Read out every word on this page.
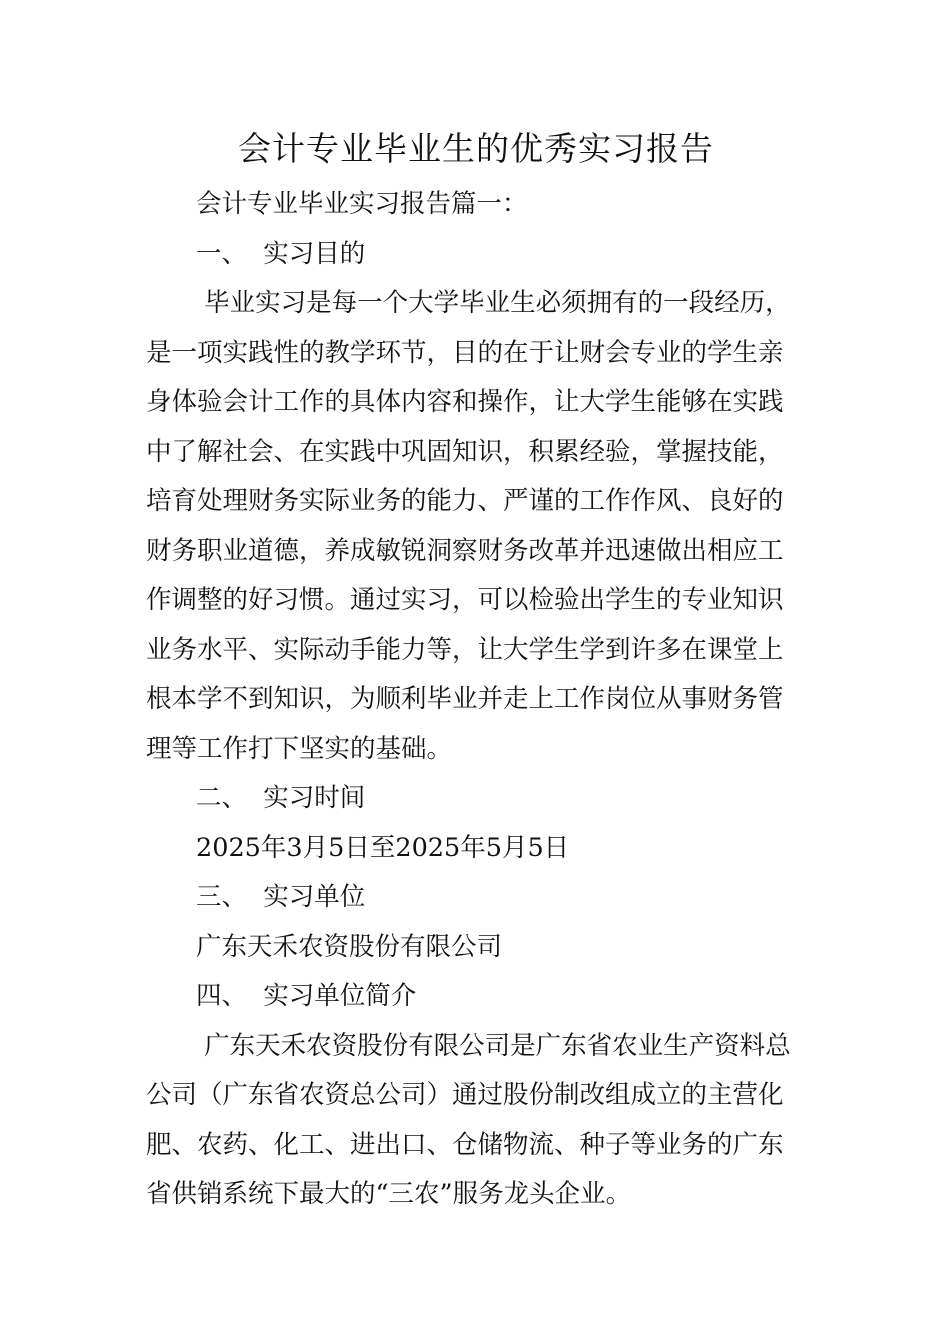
会计专业毕业生的优秀实习报告

会计专业毕业实习报告篇一：

一、  实习目的

毕业实习是每一个大学毕业生必须拥有的一段经历，

是一项实践性的教学环节，目的在于让财会专业的学生亲

身体验会计工作的具体内容和操作，让大学生能够在实践

中了解社会、在实践中巩固知识，积累经验，掌握技能，

培育处理财务实际业务的能力、严谨的工作作风、良好的

财务职业道德，养成敏锐洞察财务改革并迅速做出相应工

作调整的好习惯。通过实习，可以检验出学生的专业知识

业务水平、实际动手能力等，让大学生学到许多在课堂上

根本学不到知识，为顺利毕业并走上工作岗位从事财务管

理等工作打下坚实的基础。

二、  实习时间

2025年3月5日至2025年5月5日

三、  实习单位

广东天禾农资股份有限公司

四、  实习单位简介

广东天禾农资股份有限公司是广东省农业生产资料总

公司（广东省农资总公司）通过股份制改组成立的主营化

肥、农药、化工、进出口、仓储物流、种子等业务的广东

省供销系统下最大的“三农”服务龙头企业。
